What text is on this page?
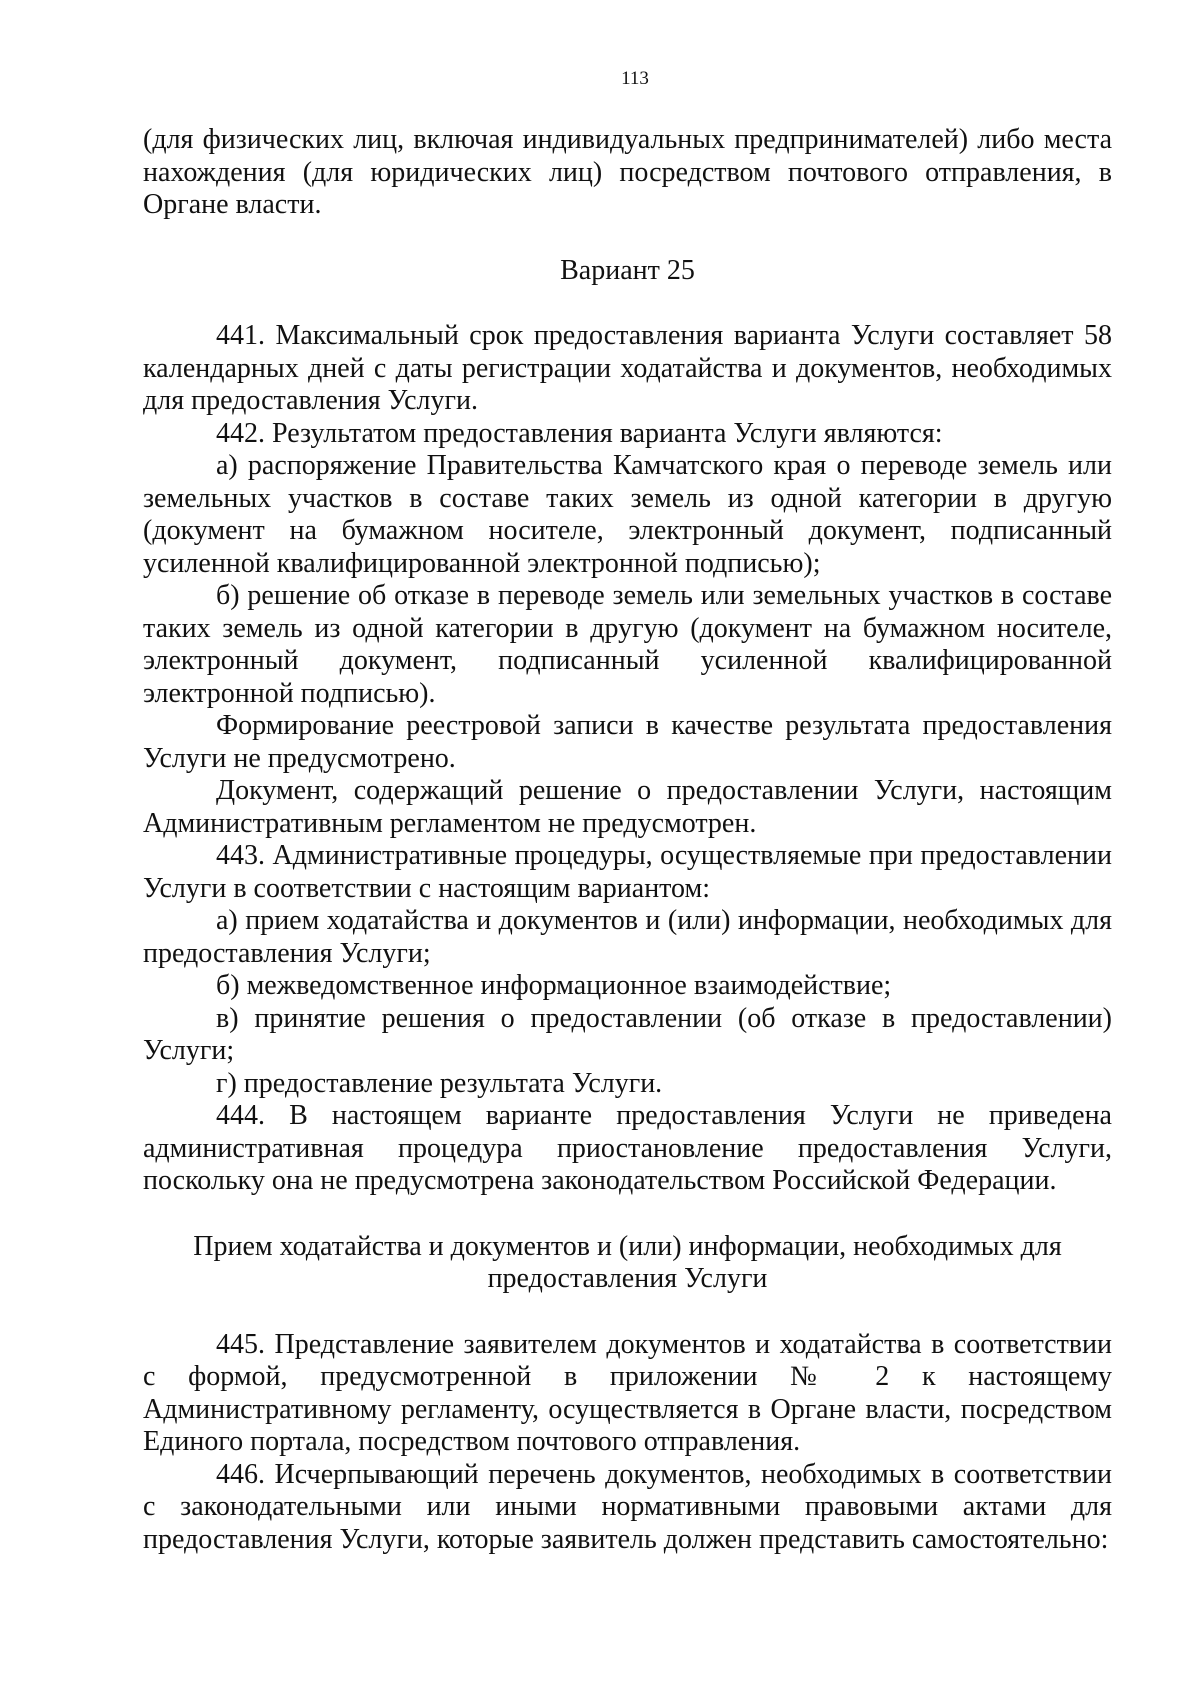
113

(для физических лиц, включая индивидуальных предпринимателей) либо места нахождения (для юридических лиц) посредством почтового отправления, в Органе власти.

Вариант 25

441. Максимальный срок предоставления варианта Услуги составляет 58 календарных дней с даты регистрации ходатайства и документов, необходимых для предоставления Услуги.

442. Результатом предоставления варианта Услуги являются:

а) распоряжение Правительства Камчатского края о переводе земель или земельных участков в составе таких земель из одной категории в другую (документ на бумажном носителе, электронный документ, подписанный усиленной квалифицированной электронной подписью);

б) решение об отказе в переводе земель или земельных участков в составе таких земель из одной категории в другую (документ на бумажном носителе, электронный документ, подписанный усиленной квалифицированной электронной подписью).

Формирование реестровой записи в качестве результата предоставления Услуги не предусмотрено.

Документ, содержащий решение о предоставлении Услуги, настоящим Административным регламентом не предусмотрен.

443. Административные процедуры, осуществляемые при предоставлении Услуги в соответствии с настоящим вариантом:

а) прием ходатайства и документов и (или) информации, необходимых для предоставления Услуги;

б) межведомственное информационное взаимодействие;

в) принятие решения о предоставлении (об отказе в предоставлении) Услуги;

г) предоставление результата Услуги.

444. В настоящем варианте предоставления Услуги не приведена административная процедура приостановление предоставления Услуги, поскольку она не предусмотрена законодательством Российской Федерации.

Прием ходатайства и документов и (или) информации, необходимых для предоставления Услуги

445. Представление заявителем документов и ходатайства в соответствии с формой, предусмотренной в приложении № 2 к настоящему Административному регламенту, осуществляется в Органе власти, посредством Единого портала, посредством почтового отправления.

446. Исчерпывающий перечень документов, необходимых в соответствии с законодательными или иными нормативными правовыми актами для предоставления Услуги, которые заявитель должен представить самостоятельно:
